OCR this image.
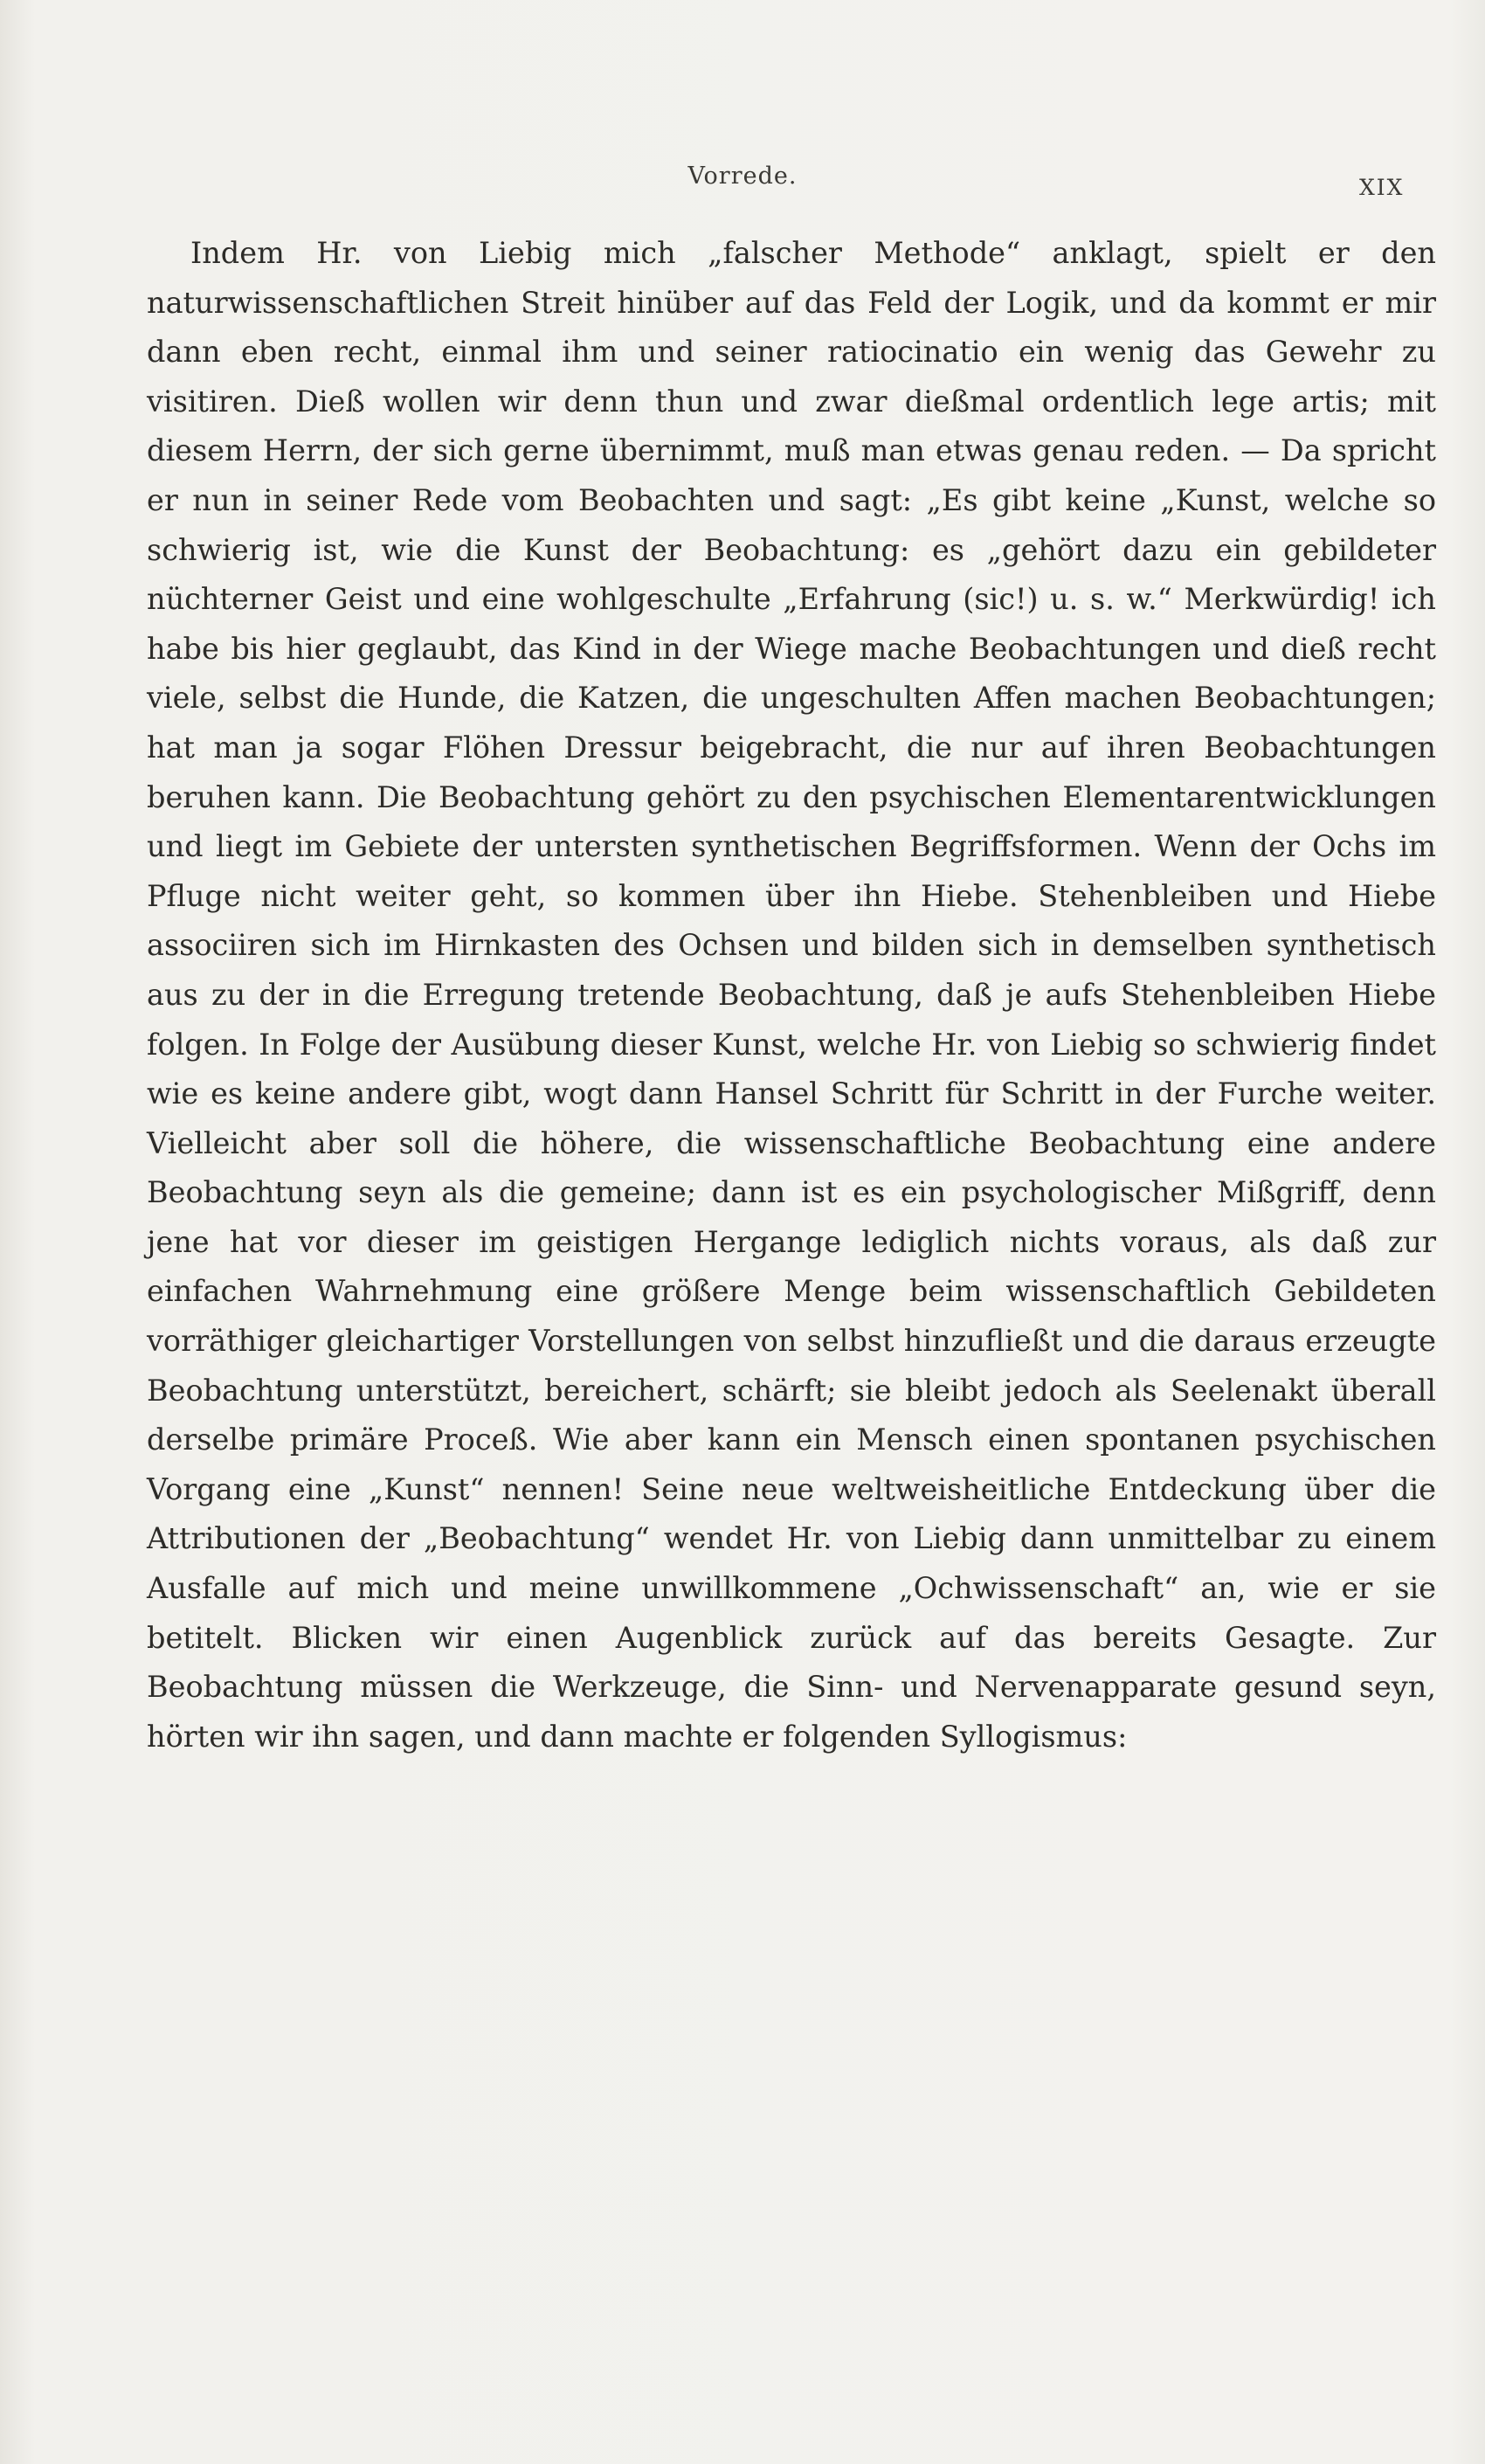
Vorrede.	XIX

Indem Hr. von Liebig mich „falscher Methode“ anklagt, spielt er den naturwissenschaftlichen Streit hinüber auf das Feld der Logik, und da kommt er mir dann eben recht, einmal ihm und seiner ratiocinatio ein wenig das Gewehr zu visitiren. Dieß wollen wir denn thun und zwar dießmal ordentlich lege artis; mit diesem Herrn, der sich gerne übernimmt, muß man etwas genau reden. — Da spricht er nun in seiner Rede vom Beobachten und sagt: „Es gibt keine „Kunst, welche so schwierig ist, wie die Kunst der Beobachtung: es „gehört dazu ein gebildeter nüchterner Geist und eine wohlgeschulte „Erfahrung (sic!) u. s. w.“ Merkwürdig! ich habe bis hier geglaubt, das Kind in der Wiege mache Beobachtungen und dieß recht viele, selbst die Hunde, die Katzen, die ungeschulten Affen machen Beobachtungen; hat man ja sogar Flöhen Dressur beigebracht, die nur auf ihren Beobachtungen beruhen kann. Die Beobachtung gehört zu den psychischen Elementarentwicklungen und liegt im Gebiete der untersten synthetischen Begriffsformen. Wenn der Ochs im Pfluge nicht weiter geht, so kommen über ihn Hiebe. Stehenbleiben und Hiebe associiren sich im Hirnkasten des Ochsen und bilden sich in demselben synthetisch aus zu der in die Erregung tretende Beobachtung, daß je aufs Stehenbleiben Hiebe folgen. In Folge der Ausübung dieser Kunst, welche Hr. von Liebig so schwierig findet wie es keine andere gibt, wogt dann Hansel Schritt für Schritt in der Furche weiter. Vielleicht aber soll die höhere, die wissenschaftliche Beobachtung eine andere Beobachtung seyn als die gemeine; dann ist es ein psychologischer Mißgriff, denn jene hat vor dieser im geistigen Hergange lediglich nichts voraus, als daß zur einfachen Wahrnehmung eine größere Menge beim wissenschaftlich Gebildeten vorräthiger gleichartiger Vorstellungen von selbst hinzufließt und die daraus erzeugte Beobachtung unterstützt, bereichert, schärft; sie bleibt jedoch als Seelenakt überall derselbe primäre Proceß. Wie aber kann ein Mensch einen spontanen psychischen Vorgang eine „Kunst“ nennen! Seine neue weltweisheitliche Entdeckung über die Attributionen der „Beobachtung“ wendet Hr. von Liebig dann unmittelbar zu einem Ausfalle auf mich und meine unwillkommene „Ochwissenschaft“ an, wie er sie betitelt. Blicken wir einen Augenblick zurück auf das bereits Gesagte. Zur Beobachtung müssen die Werkzeuge, die Sinn- und Nervenapparate gesund seyn, hörten wir ihn sagen, und dann machte er folgenden Syllogismus:
